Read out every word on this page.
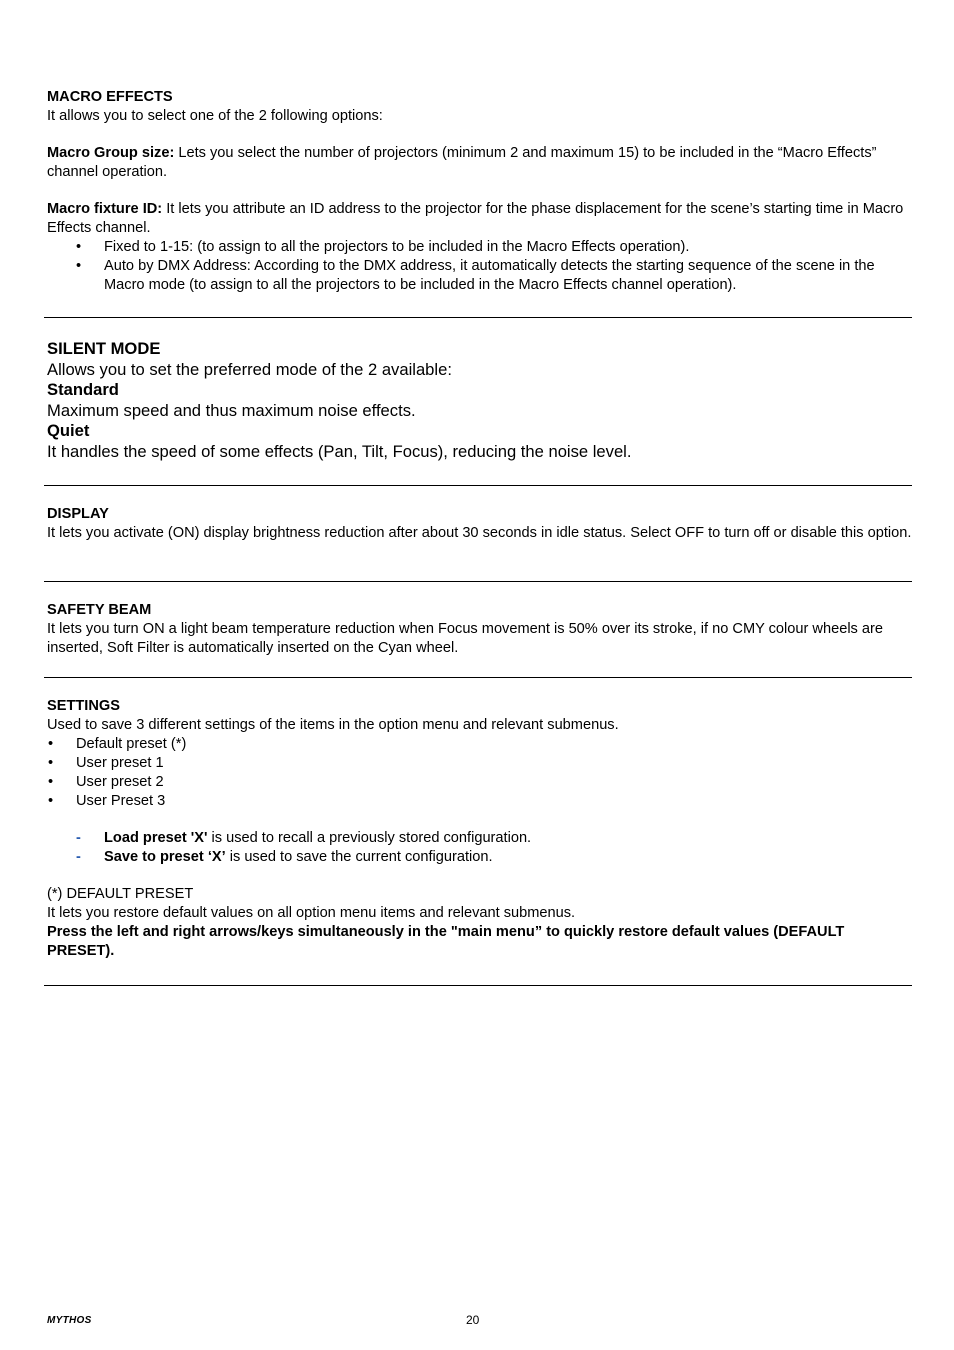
MACRO EFFECTS

It allows you to select one of the 2 following options:

Macro Group size: Lets you select the number of projectors (minimum 2 and maximum 15) to be included in the “Macro Effects” channel operation.

Macro fixture ID: It lets you attribute an ID address to the projector for the phase displacement for the scene’s starting time in Macro Effects channel.

• Fixed to 1-15: (to assign to all the projectors to be included in the Macro Effects operation).
• Auto by DMX Address: According to the DMX address, it automatically detects the starting sequence of the scene in the Macro mode (to assign to all the projectors to be included in the Macro Effects channel operation).

SILENT MODE

Allows you to set the preferred mode of the 2 available:

Standard

Maximum speed and thus maximum noise effects.

Quiet

It handles the speed of some effects (Pan, Tilt, Focus), reducing the noise level.

DISPLAY

It lets you activate (ON) display brightness reduction after about 30 seconds in idle status. Select OFF to turn off or disable this option.

SAFETY BEAM

It lets you turn ON a light beam temperature reduction when Focus movement is 50% over its stroke, if no CMY colour wheels are inserted, Soft Filter is automatically inserted on the Cyan wheel.

SETTINGS

Used to save 3 different settings of the items in the option menu and relevant submenus.

• Default preset (*)
• User preset 1
• User preset 2
• User Preset 3
- Load preset 'X' is used to recall a previously stored configuration.
- Save to preset ‘X’ is used to save the current configuration.

(*) DEFAULT PRESET

It lets you restore default values on all option menu items and relevant submenus.

Press the left and right arrows/keys simultaneously in the "main menu” to quickly restore default values (DEFAULT PRESET).

MYTHOS	20
